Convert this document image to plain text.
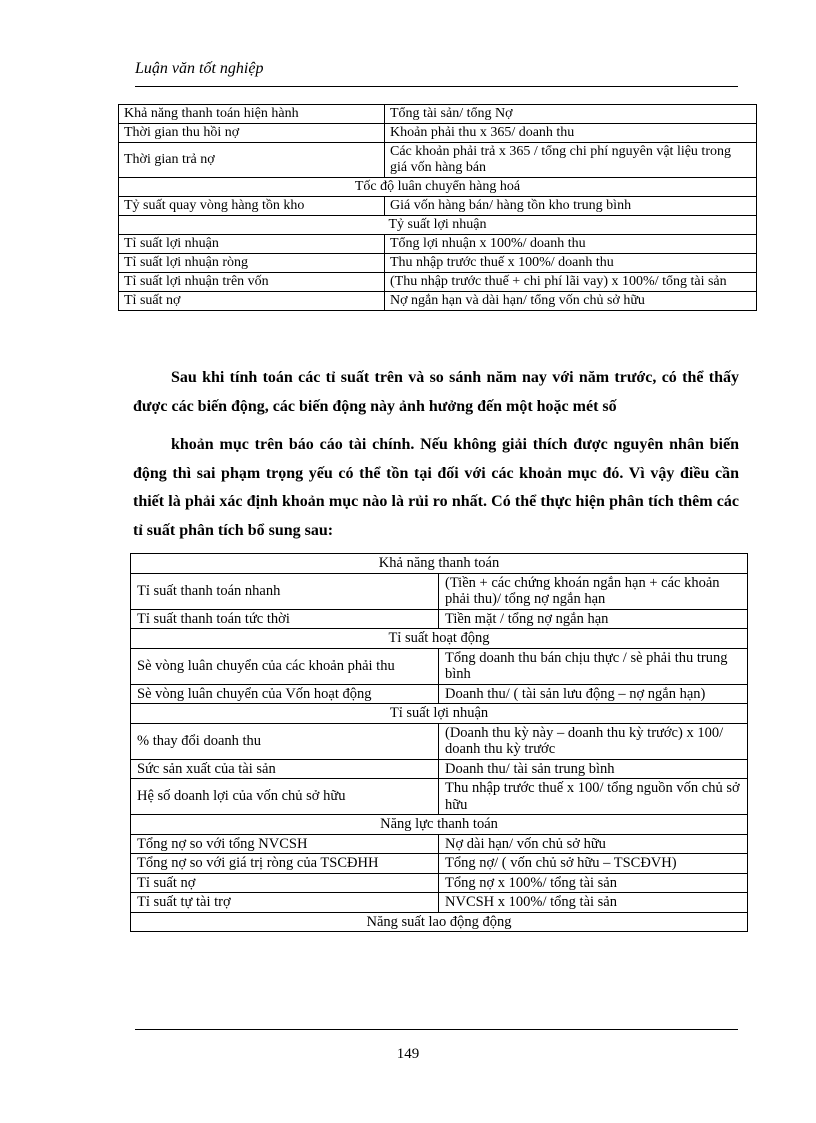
Luận văn tốt nghiệp
Khả năng thanh toán hiện hành	Tổng tài sản/ tổng Nợ
Thời gian thu hồi nợ	Khoản phải thu x 365/ doanh thu
Thời gian trả nợ	Các khoản phải trả x 365 / tổng chi phí nguyên vật liệu trong giá vốn hàng bán
Tốc độ luân chuyển hàng hoá	
Tỷ suất quay vòng hàng tồn kho	Giá vốn hàng bán/ hàng tồn kho trung bình
Tỷ suất lợi nhuận	
Tỉ suất lợi nhuận	Tổng lợi nhuận x 100%/ doanh thu
Tỉ suất lợi nhuận ròng	Thu nhập trước thuế x 100%/ doanh thu
Tỉ suất lợi nhuận trên vốn	(Thu nhập trước thuế + chi phí lãi vay) x 100%/ tổng tài sản
Tỉ suất nợ	Nợ ngắn hạn và dài hạn/ tổng vốn chủ sở hữu

Sau khi tính toán các tỉ suất trên và so sánh năm nay với năm trước, có thể thấy được các biến động, các biến động này ảnh hưởng đến một hoặc mét số

khoản mục trên báo cáo tài chính. Nếu không giải thích được nguyên nhân biến động thì sai phạm trọng yếu có thể tồn tại đối với các khoản mục đó. Vì vậy điều cần thiết là phải xác định khoản mục nào là rủi ro nhất. Có thể thực hiện phân tích thêm các tỉ suất phân tích bổ sung sau:

Khả năng thanh toán	
Tỉ suất thanh toán nhanh	(Tiền + các chứng khoán ngắn hạn + các khoản phải thu)/ tổng nợ ngắn hạn
Tỉ suất thanh toán tức thời	Tiền mặt / tổng nợ ngắn hạn
Tỉ suất hoạt động	
Sè vòng luân chuyển của các khoản phải thu	Tổng doanh thu bán chịu thực / sè phải thu trung bình
Sè vòng luân chuyển của Vốn hoạt động	Doanh thu/ ( tài sản lưu động – nợ ngắn hạn)
Tỉ suất lợi nhuận	
% thay đổi doanh thu	(Doanh thu kỳ này – doanh thu kỳ trước) x 100/ doanh thu kỳ trước
Sức sản xuất của tài sản	Doanh thu/ tài sản trung bình
Hệ số doanh lợi của vốn chủ sở hữu	Thu nhập trước thuế x 100/ tổng nguồn vốn chủ sở hữu
Năng lực thanh toán	
Tổng nợ so với tổng NVCSH	Nợ dài hạn/ vốn chủ sở hữu
Tổng nợ so với giá trị ròng của TSCĐHH	Tổng nợ/ ( vốn chủ sở hữu – TSCĐVH)
Tỉ suất nợ	Tổng nợ x 100%/ tổng tài sản
Tỉ suất tự tài trợ	NVCSH x 100%/ tổng tài sản
Năng suất lao động động	
149
